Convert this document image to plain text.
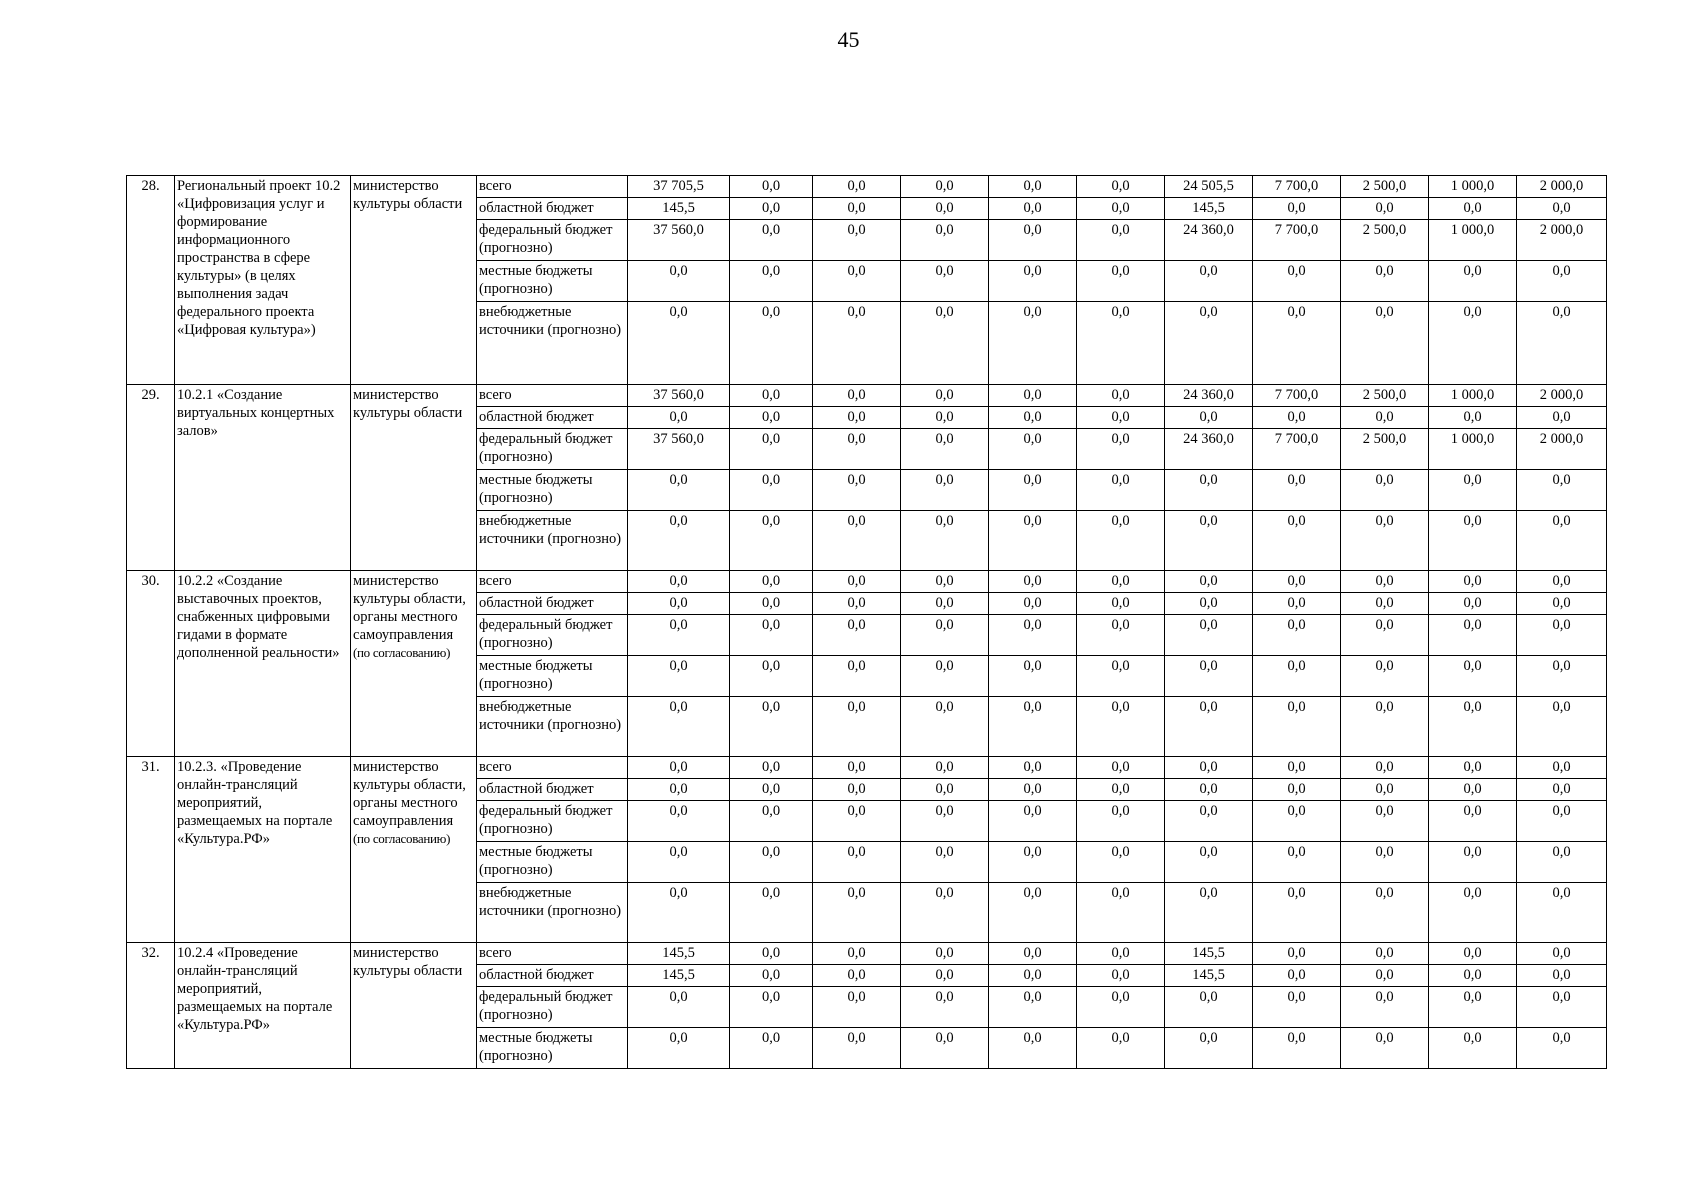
45
28.	Региональный проект 10.2 «Цифровизация услуг и формирование информационного пространства в сфере культуры» (в целях выполнения задач федерального проекта «Цифровая культура»)	министерство культуры области	всего	37 705,5	0,0	0,0	0,0	0,0	0,0	24 505,5	7 700,0	2 500,0	1 000,0	2 000,0
			областной бюджет	145,5	0,0	0,0	0,0	0,0	0,0	145,5	0,0	0,0	0,0	0,0
			федеральный бюджет (прогнозно)	37 560,0	0,0	0,0	0,0	0,0	0,0	24 360,0	7 700,0	2 500,0	1 000,0	2 000,0
			местные бюджеты (прогнозно)	0,0	0,0	0,0	0,0	0,0	0,0	0,0	0,0	0,0	0,0	0,0
			внебюджетные источники (прогнозно)	0,0	0,0	0,0	0,0	0,0	0,0	0,0	0,0	0,0	0,0	0,0
29.	10.2.1 «Создание виртуальных концертных залов»	министерство культуры области	всего	37 560,0	0,0	0,0	0,0	0,0	0,0	24 360,0	7 700,0	2 500,0	1 000,0	2 000,0
			областной бюджет	0,0	0,0	0,0	0,0	0,0	0,0	0,0	0,0	0,0	0,0	0,0
			федеральный бюджет (прогнозно)	37 560,0	0,0	0,0	0,0	0,0	0,0	24 360,0	7 700,0	2 500,0	1 000,0	2 000,0
			местные бюджеты (прогнозно)	0,0	0,0	0,0	0,0	0,0	0,0	0,0	0,0	0,0	0,0	0,0
			внебюджетные источники (прогнозно)	0,0	0,0	0,0	0,0	0,0	0,0	0,0	0,0	0,0	0,0	0,0
30.	10.2.2 «Создание выставочных проектов, снабженных цифровыми гидами в формате дополненной реальности»	министерство культуры области, органы местного самоуправления
(по согласованию)	всего	0,0	0,0	0,0	0,0	0,0	0,0	0,0	0,0	0,0	0,0	0,0
			областной бюджет	0,0	0,0	0,0	0,0	0,0	0,0	0,0	0,0	0,0	0,0	0,0
			федеральный бюджет (прогнозно)	0,0	0,0	0,0	0,0	0,0	0,0	0,0	0,0	0,0	0,0	0,0
			местные бюджеты (прогнозно)	0,0	0,0	0,0	0,0	0,0	0,0	0,0	0,0	0,0	0,0	0,0
			внебюджетные источники (прогнозно)	0,0	0,0	0,0	0,0	0,0	0,0	0,0	0,0	0,0	0,0	0,0
31.	10.2.3. «Проведение онлайн-трансляций мероприятий, размещаемых на портале «Культура.РФ»	министерство культуры области, органы местного самоуправления
(по согласованию)	всего	0,0	0,0	0,0	0,0	0,0	0,0	0,0	0,0	0,0	0,0	0,0
			областной бюджет	0,0	0,0	0,0	0,0	0,0	0,0	0,0	0,0	0,0	0,0	0,0
			федеральный бюджет (прогнозно)	0,0	0,0	0,0	0,0	0,0	0,0	0,0	0,0	0,0	0,0	0,0
			местные бюджеты (прогнозно)	0,0	0,0	0,0	0,0	0,0	0,0	0,0	0,0	0,0	0,0	0,0
			внебюджетные источники (прогнозно)	0,0	0,0	0,0	0,0	0,0	0,0	0,0	0,0	0,0	0,0	0,0
32.	10.2.4 «Проведение онлайн-трансляций мероприятий, размещаемых на портале «Культура.РФ»	министерство культуры области	всего	145,5	0,0	0,0	0,0	0,0	0,0	145,5	0,0	0,0	0,0	0,0
			областной бюджет	145,5	0,0	0,0	0,0	0,0	0,0	145,5	0,0	0,0	0,0	0,0
			федеральный бюджет (прогнозно)	0,0	0,0	0,0	0,0	0,0	0,0	0,0	0,0	0,0	0,0	0,0
			местные бюджеты (прогнозно)	0,0	0,0	0,0	0,0	0,0	0,0	0,0	0,0	0,0	0,0	0,0
